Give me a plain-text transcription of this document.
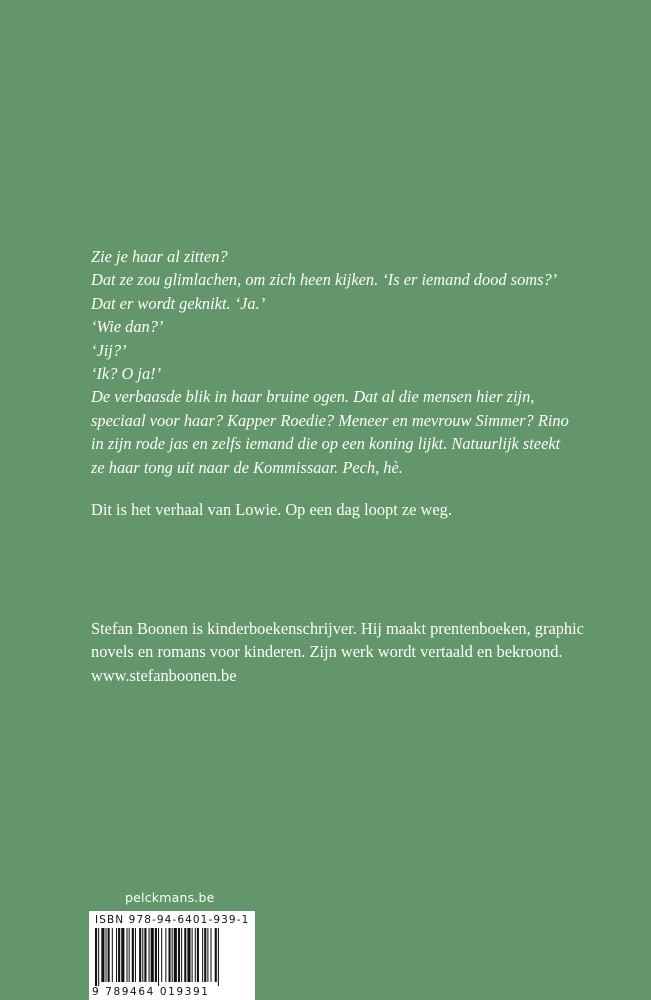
Zie je haar al zitten?
Dat ze zou glimlachen, om zich heen kijken. ‘Is er iemand dood soms?’
Dat er wordt geknikt. ‘Ja.’
‘Wie dan?’
‘Jij?’
‘Ik? O ja!’
De verbaasde blik in haar bruine ogen. Dat al die mensen hier zijn,
speciaal voor haar? Kapper Roedie? Meneer en mevrouw Simmer? Rino
in zijn rode jas en zelfs iemand die op een koning lijkt. Natuurlijk steekt
ze haar tong uit naar de Kommissaar. Pech, hè.
Dit is het verhaal van Lowie. Op een dag loopt ze weg.
Stefan Boonen is kinderboekenschrijver. Hij maakt prentenboeken, graphic
novels en romans voor kinderen. Zijn werk wordt vertaald en bekroond.
www.stefanboonen.be
pelckmans.be
ISBN 978-94-6401-939-1
9 789464 019391
